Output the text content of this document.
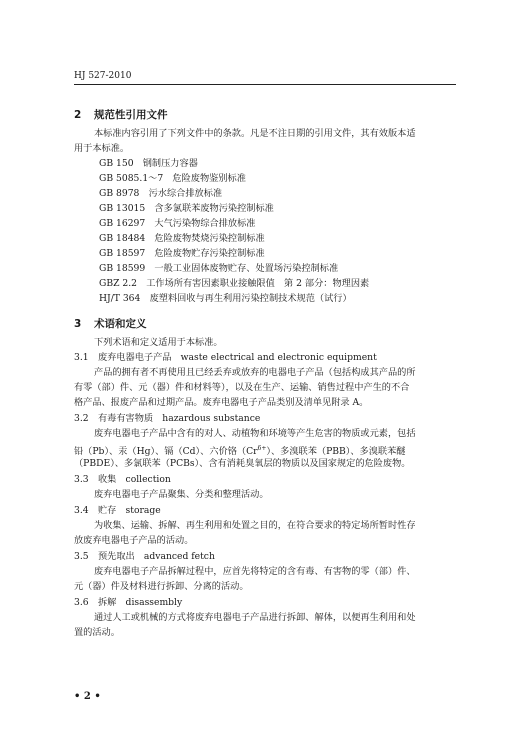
HJ 527-2010
2 规范性引用文件
本标准内容引用了下列文件中的条款。凡是不注日期的引用文件，其有效版本适
用于本标准。
GB 150　钢制压力容器
GB 5085.1～7　危险废物鉴别标准
GB 8978　污水综合排放标准
GB 13015　含多氯联苯废物污染控制标准
GB 16297　大气污染物综合排放标准
GB 18484　危险废物焚烧污染控制标准
GB 18597　危险废物贮存污染控制标准
GB 18599　一般工业固体废物贮存、处置场污染控制标准
GBZ 2.2　工作场所有害因素职业接触限值　第 2 部分：物理因素
HJ/T 364　废塑料回收与再生利用污染控制技术规范（试行）
3 术语和定义
下列术语和定义适用于本标准。
3.1 废弃电器电子产品　waste electrical and electronic equipment
产品的拥有者不再使用且已经丢弃或放弃的电器电子产品（包括构成其产品的所
有零（部）件、元（器）件和材料等），以及在生产、运输、销售过程中产生的不合
格产品、报废产品和过期产品。废弃电器电子产品类别及清单见附录 A。
3.2 有毒有害物质　hazardous substance
废弃电器电子产品中含有的对人、动植物和环境等产生危害的物质或元素，包括
铅（Pb）、汞（Hg）、镉（Cd）、六价铬$(Cr^{6+})$、多溴联苯（PBB）、多溴联苯醚
（PBDE）、多氯联苯（PCBs）、含有消耗臭氧层的物质以及国家规定的危险废物。
3.3 收集　collection
废弃电器电子产品聚集、分类和整理活动。
3.4 贮存　storage
为收集、运输、拆解、再生利用和处置之目的，在符合要求的特定场所暂时性存
放废弃电器电子产品的活动。
3.5 预先取出　advanced fetch
废弃电器电子产品拆解过程中，应首先将特定的含有毒、有害物的零（部）件、
元（器）件及材料进行拆卸、分离的活动。
3.6 拆解　disassembly
通过人工或机械的方式将废弃电器电子产品进行拆卸、解体，以便再生利用和处
置的活动。
• 2 •
